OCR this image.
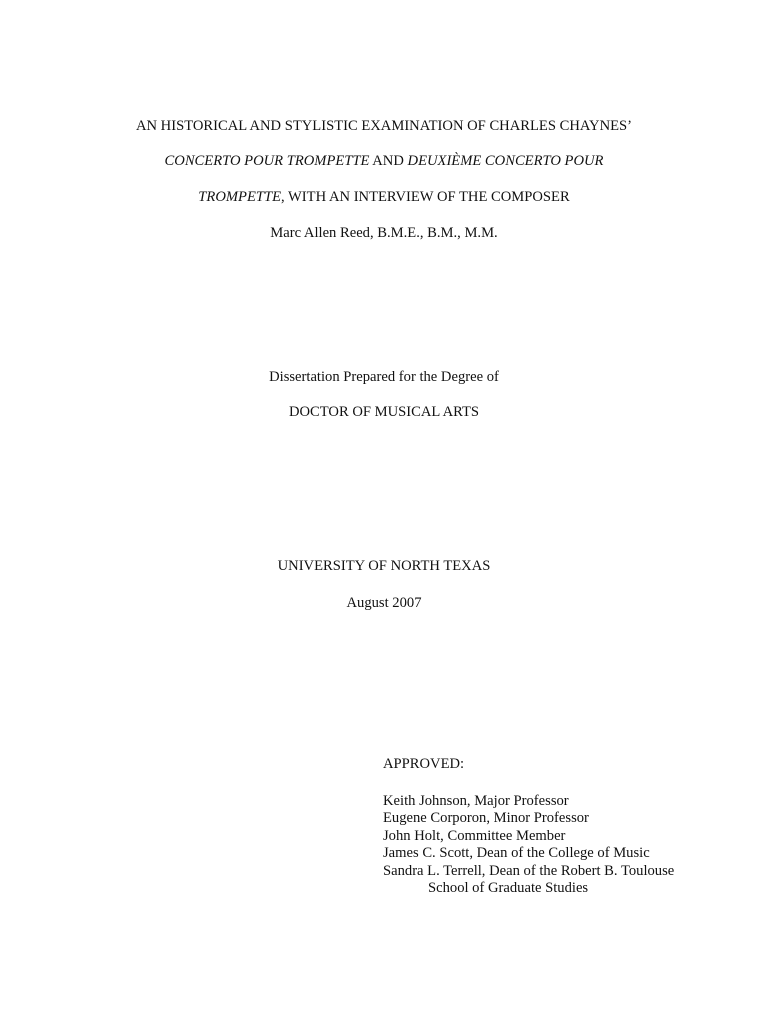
AN HISTORICAL AND STYLISTIC EXAMINATION OF CHARLES CHAYNES’
CONCERTO POUR TROMPETTE AND DEUXIÈME CONCERTO POUR
TROMPETTE, WITH AN INTERVIEW OF THE COMPOSER
Marc Allen Reed, B.M.E., B.M., M.M.
Dissertation Prepared for the Degree of
DOCTOR OF MUSICAL ARTS
UNIVERSITY OF NORTH TEXAS
August 2007
APPROVED:
Keith Johnson, Major Professor
Eugene Corporon, Minor Professor
John Holt, Committee Member
James C. Scott, Dean of the College of Music
Sandra L. Terrell, Dean of the Robert B. Toulouse
School of Graduate Studies
